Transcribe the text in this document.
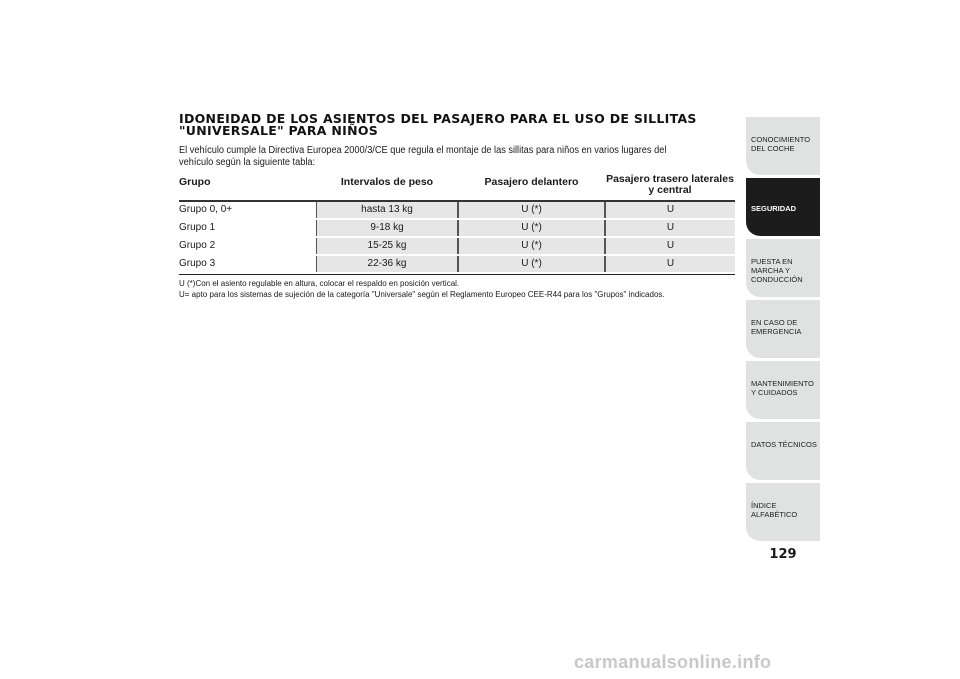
IDONEIDAD DE LOS ASIENTOS DEL PASAJERO PARA EL USO DE SILLITAS
"UNIVERSALE" PARA NIÑOS
El vehículo cumple la Directiva Europea 2000/3/CE que regula el montaje de las sillitas para niños en varios lugares del vehículo según la siguiente tabla:
Grupo	Intervalos de peso	Pasajero delantero	Pasajero trasero laterales y central
Grupo 0, 0+	hasta 13 kg	U (*)	U
Grupo 1	9-18 kg	U (*)	U
Grupo 2	15-25 kg	U (*)	U
Grupo 3	22-36 kg	U (*)	U
U (*)Con el asiento regulable en altura, colocar el respaldo en posición vertical.
U= apto para los sistemas de sujeción de la categoría "Universale" según el Reglamento Europeo CEE-R44 para los "Grupos" indicados.
CONOCIMIENTO DEL COCHE
SEGURIDAD
PUESTA EN MARCHA Y CONDUCCIÓN
EN CASO DE EMERGENCIA
MANTENIMIENTO Y CUIDADOS
DATOS TÉCNICOS
ÍNDICE ALFABÉTICO
129
carmanualsonline.info
